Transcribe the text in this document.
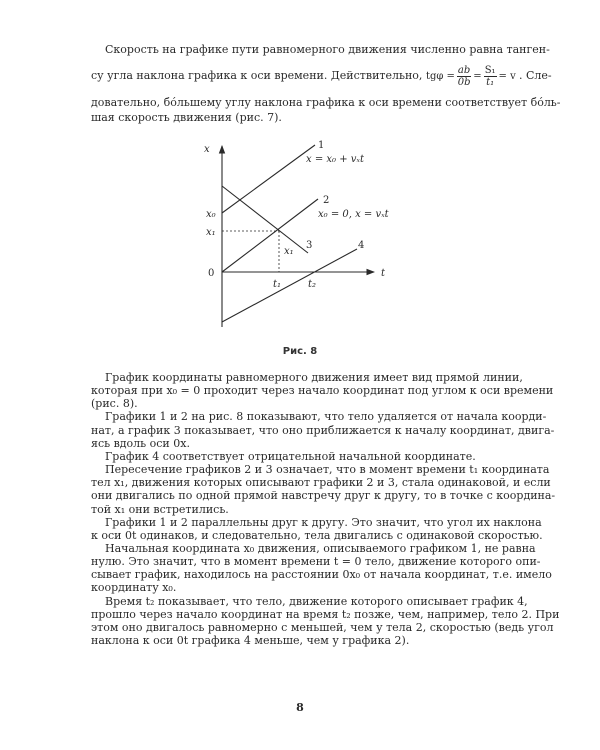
Скорость на графике пути равномерного движения численно равна танген-
су угла наклона графика к оси времени. Действительно, $tg\varphi = \frac{ab}{0b} = \frac{\text{S₁}}{\text{t₁}} = v$ . Сле-
довательно, бо́льшему углу наклона графика к оси времени соответствует бо́ль-
шая скорость движения (рис. 7).
x
t
0
x₀
x₁
x₁
t₁	t₂
1
2
3	4
x = x₀ + vₓt
x₀ = 0, x = vₓt
Рис. 8
График координаты равномерного движения имеет вид прямой линии,
которая при x₀ = 0 проходит через начало координат под углом к оси времени
(рис. 8).
Графики 1 и 2 на рис. 8 показывают, что тело удаляется от начала коорди-
нат, а график 3 показывает, что оно приближается к началу координат, двига-
ясь вдоль оси 0x.
График 4 соответствует отрицательной начальной координате.
Пересечение графиков 2 и 3 означает, что в момент времени t₁ координата
тел x₁, движения которых описывают графики 2 и 3, стала одинаковой, и если
они двигались по одной прямой навстречу друг к другу, то в точке с координа-
той x₁ они встретились.
Графики 1 и 2 параллельны друг к другу. Это значит, что угол их наклона
к оси 0t одинаков, и следовательно, тела двигались с одинаковой скоростью.
Начальная координата x₀ движения, описываемого графиком 1, не равна
нулю. Это значит, что в момент времени t = 0 тело, движение которого опи-
сывает график, находилось на расстоянии 0x₀ от начала координат, т.е. имело
координату x₀.
Время t₂ показывает, что тело, движение которого описывает график 4,
прошло через начало координат на время t₂ позже, чем, например, тело 2. При
этом оно двигалось равномерно с меньшей, чем у тела 2, скоростью (ведь угол
наклона к оси 0t графика 4 меньше, чем у графика 2).
8
